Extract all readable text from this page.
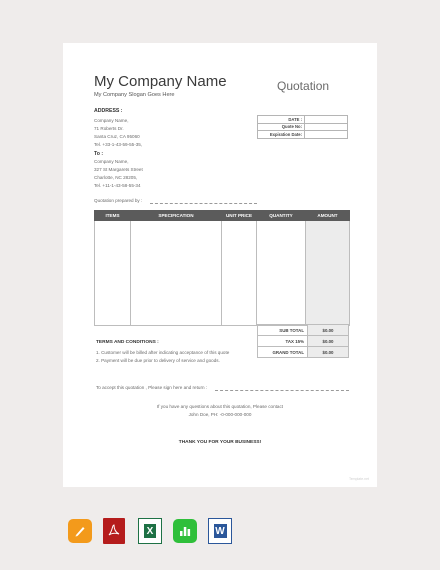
My Company Name
My Company Slogan Goes Here
Quotation
ADDRESS :
Company Name,
71 Roberts Dr.
Santa Cruz, CA 95060
Tel. +33-1-43-59-55-35,
To :
Company Name,
327 St Margarets Street
Charlotte, NC 28205,
Tel. +11-1-43-58-55-34
DATE :	
Quote No:	
Expiration Date:	
Quotation prepared by :
ITEMS	SPECIFICATION	UNIT PRICE	QUANTITY	AMOUNT

SUB TOTAL	$0.00
TAX 15%	$0.00
GRAND TOTAL	$0.00
TERMS AND CONDITIONS :
1. Customer will be billed after indicating acceptance of this quote
2. Payment will be due prior to delivery of service and goods.
To accept this quotation , Please sign here and return :
If you have any questions about this quotation, Please contact
John Doe, PH: -0-000-000-000
THANK YOU FOR YOUR BUSINESS!
Template.net
X	W
